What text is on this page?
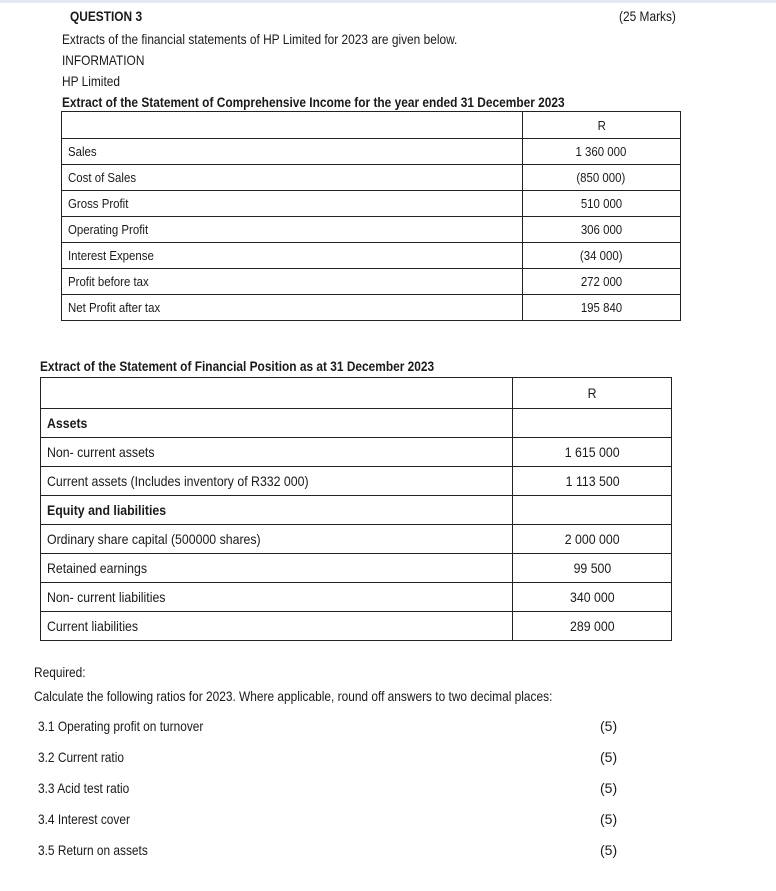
QUESTION 3	(25 Marks)
Extracts of the financial statements of HP Limited for 2023 are given below.
INFORMATION
HP Limited
Extract of the Statement of Comprehensive Income for the year ended 31 December 2023
	R
Sales	1 360 000
Cost of Sales	(850 000)
Gross Profit	510 000
Operating Profit	306 000
Interest Expense	(34 000)
Profit before tax	272 000
Net Profit after tax	195 840
Extract of the Statement of Financial Position as at 31 December 2023
	R
Assets	
Non- current assets	1 615 000
Current assets (Includes inventory of R332 000)	1 113 500
Equity and liabilities	
Ordinary share capital (500000 shares)	2 000 000
Retained earnings	99 500
Non- current liabilities	340 000
Current liabilities	289 000
Required:
Calculate the following ratios for 2023. Where applicable, round off answers to two decimal places:
3.1 Operating profit on turnover	(5)
3.2 Current ratio	(5)
3.3 Acid test ratio	(5)
3.4 Interest cover	(5)
3.5 Return on assets	(5)
